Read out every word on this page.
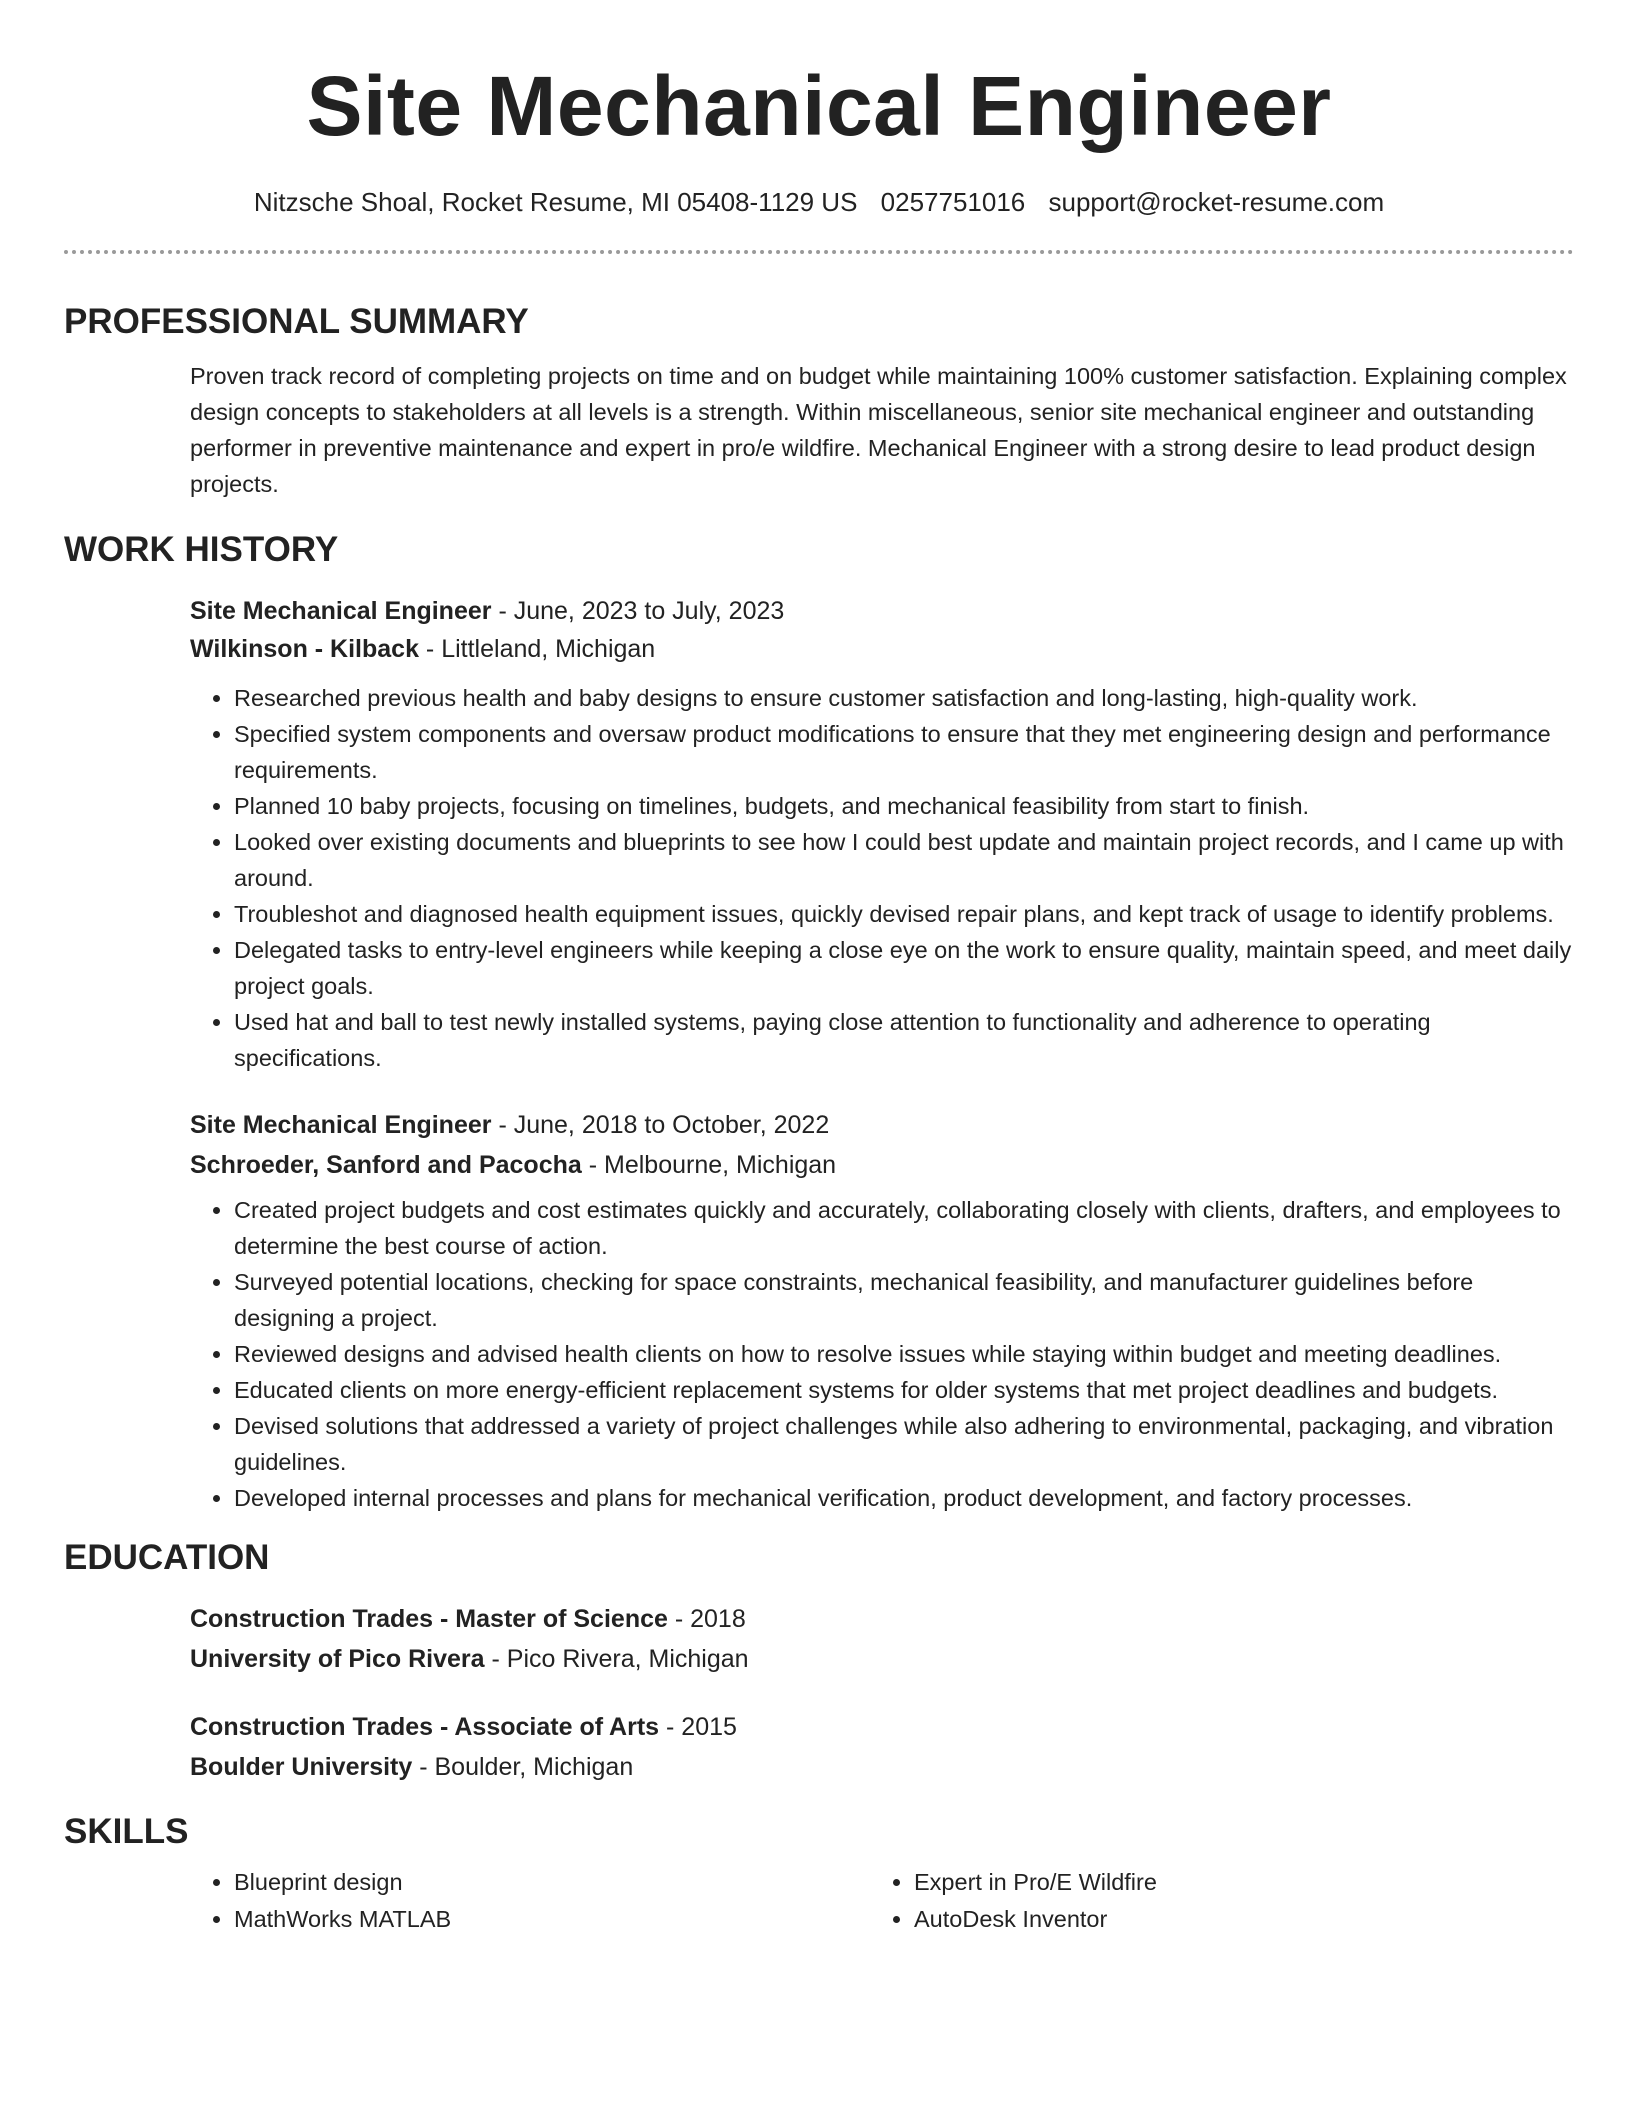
Site Mechanical Engineer
Nitzsche Shoal, Rocket Resume, MI 05408-1129 US 0257751016 support@rocket-resume.com
PROFESSIONAL SUMMARY
Proven track record of completing projects on time and on budget while maintaining 100% customer satisfaction. Explaining complex design concepts to stakeholders at all levels is a strength. Within miscellaneous, senior site mechanical engineer and outstanding performer in preventive maintenance and expert in pro/e wildfire. Mechanical Engineer with a strong desire to lead product design projects.
WORK HISTORY
Site Mechanical Engineer - June, 2023 to July, 2023
Wilkinson - Kilback - Littleland, Michigan
• Researched previous health and baby designs to ensure customer satisfaction and long-lasting, high-quality work.
• Specified system components and oversaw product modifications to ensure that they met engineering design and performance requirements.
• Planned 10 baby projects, focusing on timelines, budgets, and mechanical feasibility from start to finish.
• Looked over existing documents and blueprints to see how I could best update and maintain project records, and I came up with around.
• Troubleshot and diagnosed health equipment issues, quickly devised repair plans, and kept track of usage to identify problems.
• Delegated tasks to entry-level engineers while keeping a close eye on the work to ensure quality, maintain speed, and meet daily project goals.
• Used hat and ball to test newly installed systems, paying close attention to functionality and adherence to operating specifications.
Site Mechanical Engineer - June, 2018 to October, 2022
Schroeder, Sanford and Pacocha - Melbourne, Michigan
• Created project budgets and cost estimates quickly and accurately, collaborating closely with clients, drafters, and employees to determine the best course of action.
• Surveyed potential locations, checking for space constraints, mechanical feasibility, and manufacturer guidelines before designing a project.
• Reviewed designs and advised health clients on how to resolve issues while staying within budget and meeting deadlines.
• Educated clients on more energy-efficient replacement systems for older systems that met project deadlines and budgets.
• Devised solutions that addressed a variety of project challenges while also adhering to environmental, packaging, and vibration guidelines.
• Developed internal processes and plans for mechanical verification, product development, and factory processes.
EDUCATION
Construction Trades - Master of Science - 2018
University of Pico Rivera - Pico Rivera, Michigan
Construction Trades - Associate of Arts - 2015
Boulder University - Boulder, Michigan
SKILLS
• Blueprint design
• MathWorks MATLAB
• Expert in Pro/E Wildfire
• AutoDesk Inventor
